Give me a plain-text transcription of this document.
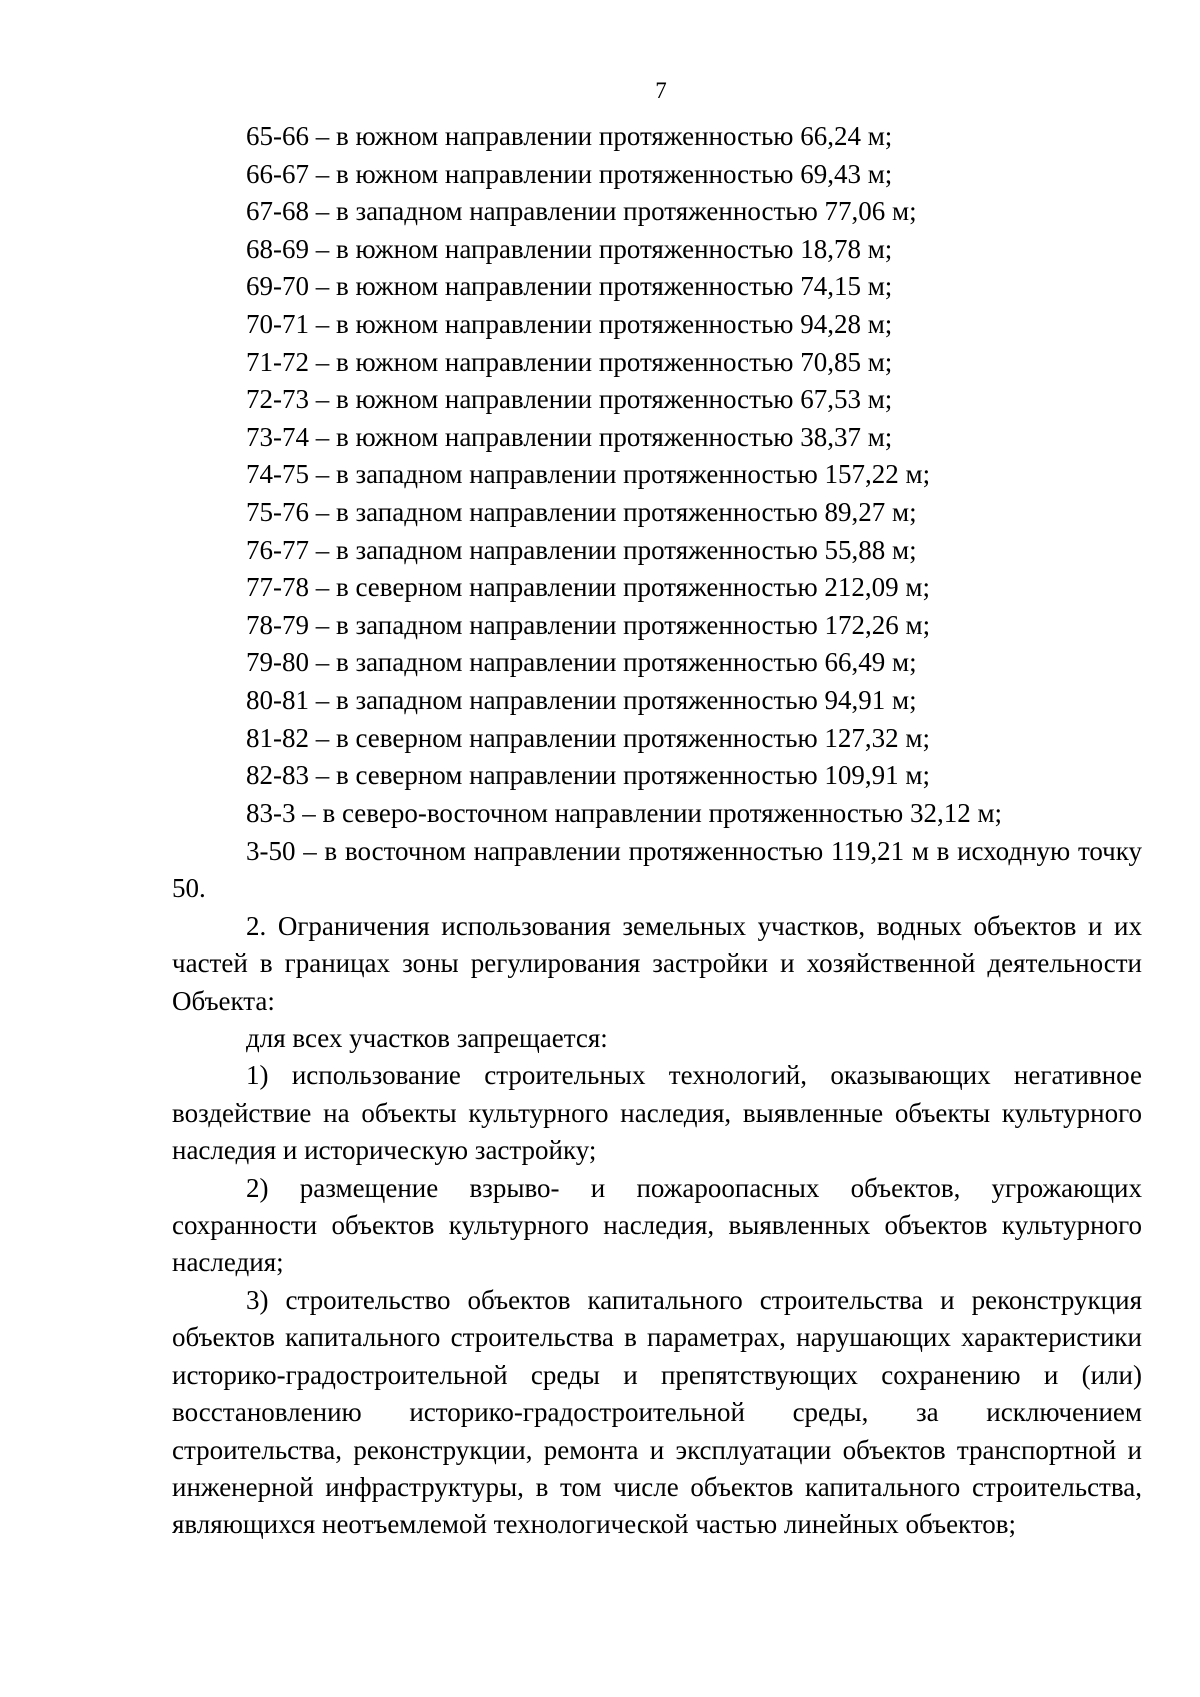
7
65-66 – в южном направлении протяженностью 66,24 м;
66-67 – в южном направлении протяженностью 69,43 м;
67-68 – в западном направлении протяженностью 77,06 м;
68-69 – в южном направлении протяженностью 18,78 м;
69-70 – в южном направлении протяженностью 74,15 м;
70-71 – в южном направлении протяженностью 94,28 м;
71-72 – в южном направлении протяженностью 70,85 м;
72-73 – в южном направлении протяженностью 67,53 м;
73-74 – в южном направлении протяженностью 38,37 м;
74-75 – в западном направлении протяженностью 157,22 м;
75-76 – в западном направлении протяженностью 89,27 м;
76-77 – в западном направлении протяженностью 55,88 м;
77-78 – в северном направлении протяженностью 212,09 м;
78-79 – в западном направлении протяженностью 172,26 м;
79-80 – в западном направлении протяженностью 66,49 м;
80-81 – в западном направлении протяженностью 94,91 м;
81-82 – в северном направлении протяженностью 127,32 м;
82-83 – в северном направлении протяженностью 109,91 м;
83-3 – в северо-восточном направлении протяженностью 32,12 м;

3-50 – в восточном направлении протяженностью 119,21 м в исходную точку 50.

2. Ограничения использования земельных участков, водных объектов и их частей в границах зоны регулирования застройки и хозяйственной деятельности Объекта:

для всех участков запрещается:

1) использование строительных технологий, оказывающих негативное воздействие на объекты культурного наследия, выявленные объекты культурного наследия и историческую застройку;

2) размещение взрыво- и пожароопасных объектов, угрожающих сохранности объектов культурного наследия, выявленных объектов культурного наследия;

3) строительство объектов капитального строительства и реконструкция объектов капитального строительства в параметрах, нарушающих характеристики историко-градостроительной среды и препятствующих сохранению и (или) восстановлению историко-градостроительной среды, за исключением строительства, реконструкции, ремонта и эксплуатации объектов транспортной и инженерной инфраструктуры, в том числе объектов капитального строительства, являющихся неотъемлемой технологической частью линейных объектов;
